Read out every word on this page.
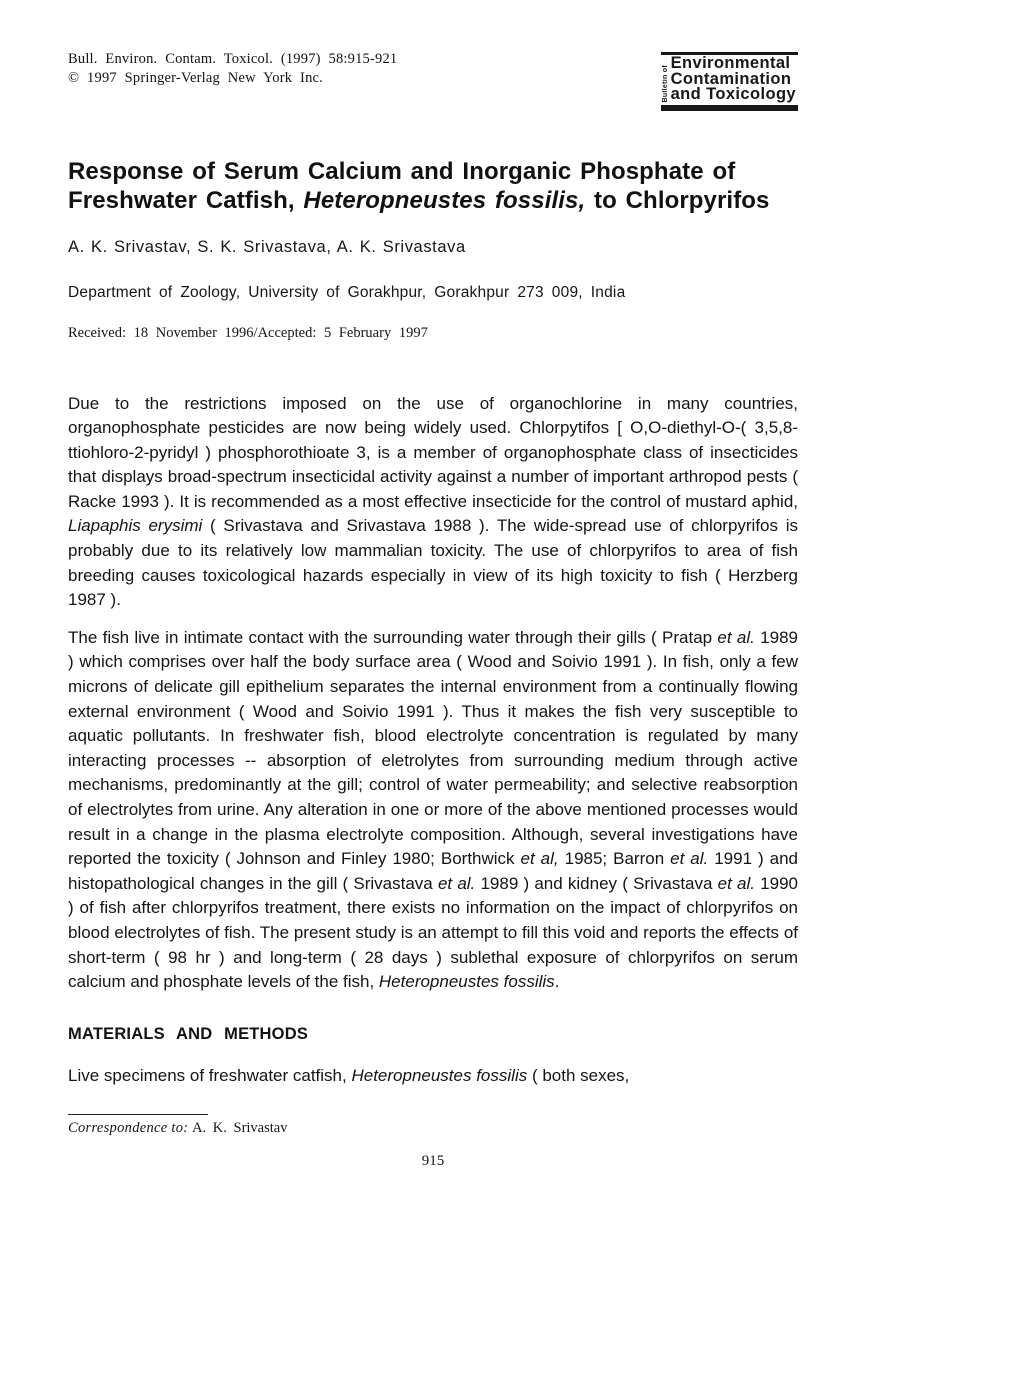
Bull. Environ. Contam. Toxicol. (1997) 58:915-921
© 1997 Springer-Verlag New York Inc.	Bulletin of
Environmental
Contamination
and Toxicology
Response of Serum Calcium and Inorganic Phosphate of Freshwater Catfish, Heteropneustes fossilis, to Chlorpyrifos
A. K. Srivastav, S. K. Srivastava, A. K. Srivastava
Department of Zoology, University of Gorakhpur, Gorakhpur 273 009, India
Received: 18 November 1996/Accepted: 5 February 1997

Due to the restrictions imposed on the use of organochlorine in many countries, organophosphate pesticides are now being widely used. Chlorpytifos [ O,O-diethyl-O-( 3,5,8-ttiohloro-2-pyridyl ) phosphorothioate 3, is a member of organophosphate class of insecticides that displays broad-spectrum insecticidal activity against a number of important arthropod pests ( Racke 1993 ). It is recommended as a most effective insecticide for the control of mustard aphid, Liapaphis erysimi ( Srivastava and Srivastava 1988 ). The wide-spread use of chlorpyrifos is probably due to its relatively low mammalian toxicity. The use of chlorpyrifos to area of fish breeding causes toxicological hazards especially in view of its high toxicity to fish ( Herzberg 1987 ).

The fish live in intimate contact with the surrounding water through their gills ( Pratap et al. 1989 ) which comprises over half the body surface area ( Wood and Soivio 1991 ). In fish, only a few microns of delicate gill epithelium separates the internal environment from a continually flowing external environment ( Wood and Soivio 1991 ). Thus it makes the fish very susceptible to aquatic pollutants. In freshwater fish, blood electrolyte concentration is regulated by many interacting processes -- absorption of eletrolytes from surrounding medium through active mechanisms, predominantly at the gill; control of water permeability; and selective reabsorption of electrolytes from urine. Any alteration in one or more of the above mentioned processes would result in a change in the plasma electrolyte composition. Although, several investigations have reported the toxicity ( Johnson and Finley 1980; Borthwick et al, 1985; Barron et al. 1991 ) and histopathological changes in the gill ( Srivastava et al. 1989 ) and kidney ( Srivastava et al. 1990 ) of fish after chlorpyrifos treatment, there exists no information on the impact of chlorpyrifos on blood electrolytes of fish. The present study is an attempt to fill this void and reports the effects of short-term ( 98 hr ) and long-term ( 28 days ) sublethal exposure of chlorpyrifos on serum calcium and phosphate levels of the fish, Heteropneustes fossilis.

MATERIALS AND METHODS

Live specimens of freshwater catfish, Heteropneustes fossilis ( both sexes,

Correspondence to: A. K. Srivastav
915
